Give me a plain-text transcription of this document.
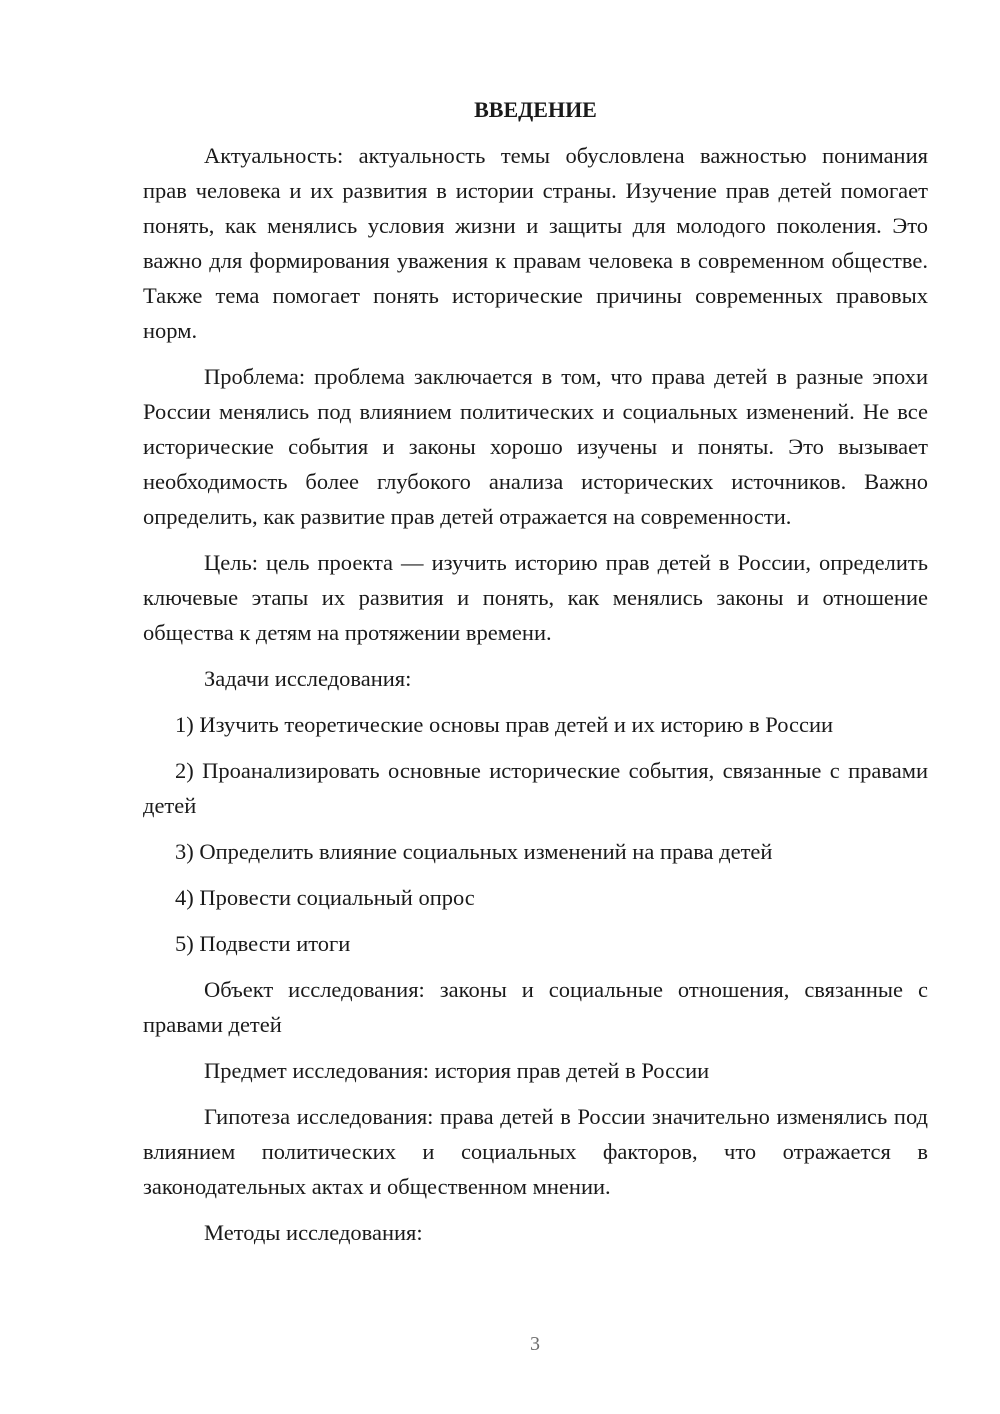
ВВЕДЕНИЕ

Актуальность: актуальность темы обусловлена важностью понимания прав человека и их развития в истории страны. Изучение прав детей помогает понять, как менялись условия жизни и защиты для молодого поколения. Это важно для формирования уважения к правам человека в современном обществе. Также тема помогает понять исторические причины современных правовых норм.

Проблема: проблема заключается в том, что права детей в разные эпохи России менялись под влиянием политических и социальных изменений. Не все исторические события и законы хорошо изучены и поняты. Это вызывает необходимость более глубокого анализа исторических источников. Важно определить, как развитие прав детей отражается на современности.

Цель: цель проекта — изучить историю прав детей в России, определить ключевые этапы их развития и понять, как менялись законы и отношение общества к детям на протяжении времени.

Задачи исследования:

1) Изучить теоретические основы прав детей и их историю в России

2) Проанализировать основные исторические события, связанные с правами детей

3) Определить влияние социальных изменений на права детей

4) Провести социальный опрос

5) Подвести итоги

Объект исследования: законы и социальные отношения, связанные с правами детей

Предмет исследования: история прав детей в России

Гипотеза исследования: права детей в России значительно изменялись под влиянием политических и социальных факторов, что отражается в законодательных актах и общественном мнении.

Методы исследования:

3
